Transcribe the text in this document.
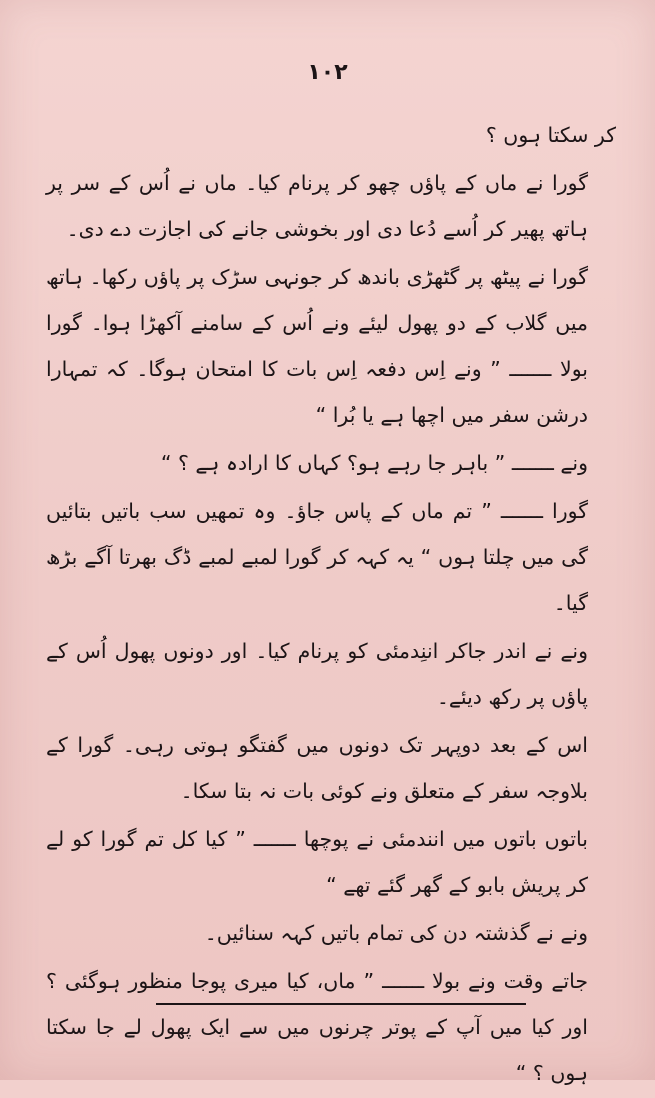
۱۰۲

کر سکتا ہوں ؟

گورا نے ماں کے پاؤں چھو کر پرنام کیا۔ ماں نے اُس کے سر پر ہاتھ پھیر کر اُسے دُعا دی اور بخوشی جانے کی اجازت دے دی۔

گورا نے پیٹھ پر گٹھڑی باندھ کر جونہی سڑک پر پاؤں رکھا۔ ہاتھ میں گلاب کے دو پھول لیئے ونے اُس کے سامنے آکھڑا ہوا۔ گورا بولا ـــــــ ” ونے اِس دفعہ اِس بات کا امتحان ہوگا۔ کہ تمہارا درشن سفر میں اچھا ہے یا بُرا “

ونے ـــــــ ” باہر جا رہے ہو؟ کہاں کا ارادہ ہے ؟ “

گورا ـــــــ ” تم ماں کے پاس جاؤ۔ وہ تمھیں سب باتیں بتائیں گی میں چلتا ہوں “ یہ کہہ کر گورا لمبے لمبے ڈگ بھرتا آگے بڑھ گیا۔

ونے نے اندر جاکر اننِدمئی کو پرنام کیا۔ اور دونوں پھول اُس کے پاؤں پر رکھ دیئے۔

اس کے بعد دوپہر تک دونوں میں گفتگو ہوتی رہی۔ گورا کے بلاوجہ سفر کے متعلق ونے کوئی بات نہ بتا سکا۔

باتوں باتوں میں انندمئی نے پوچھا ـــــــ ” کیا کل تم گورا کو لے کر پریش بابو کے گھر گئے تھے “

ونے نے گذشتہ دن کی تمام باتیں کہہ سنائیں۔

جاتے وقت ونے بولا ـــــــ ” ماں، کیا میری پوجا منظور ہوگئی ؟ اور کیا میں آپ کے پوتر چرنوں میں سے ایک پھول لے جا سکتا ہوں ؟ “
